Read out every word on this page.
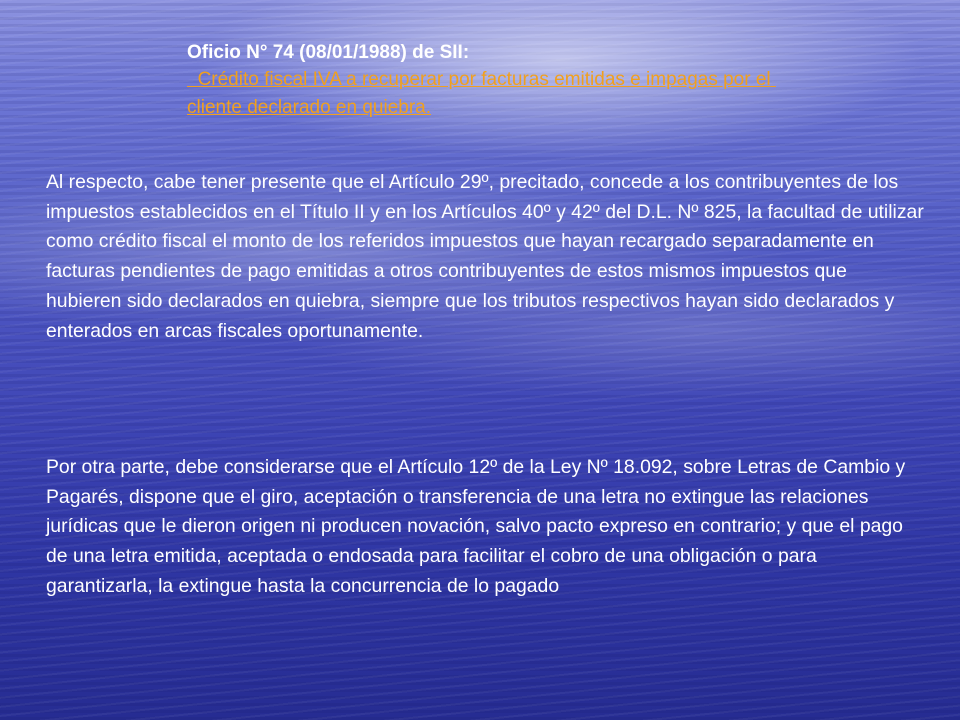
Oficio N° 74 (08/01/1988) de SII:
Crédito fiscal IVA a recuperar por facturas emitidas e impagas por el cliente declarado en quiebra.

Al respecto, cabe tener presente que el Artículo 29º, precitado, concede a los contribuyentes de los impuestos establecidos en el Título II y en los Artículos 40º y 42º del D.L. Nº 825, la facultad de utilizar como crédito fiscal el monto de los referidos impuestos que hayan recargado separadamente en facturas pendientes de pago emitidas a otros contribuyentes de estos mismos impuestos que hubieren sido declarados en quiebra, siempre que los tributos respectivos hayan sido declarados y enterados en arcas fiscales oportunamente.

Por otra parte, debe considerarse que el Artículo 12º de la Ley Nº 18.092, sobre Letras de Cambio y Pagarés, dispone que el giro, aceptación o transferencia de una letra no extingue las relaciones jurídicas que le dieron origen ni producen novación, salvo pacto expreso en contrario; y que el pago de una letra emitida, aceptada o endosada para facilitar el cobro de una obligación o para garantizarla, la extingue hasta la concurrencia de lo pagado
